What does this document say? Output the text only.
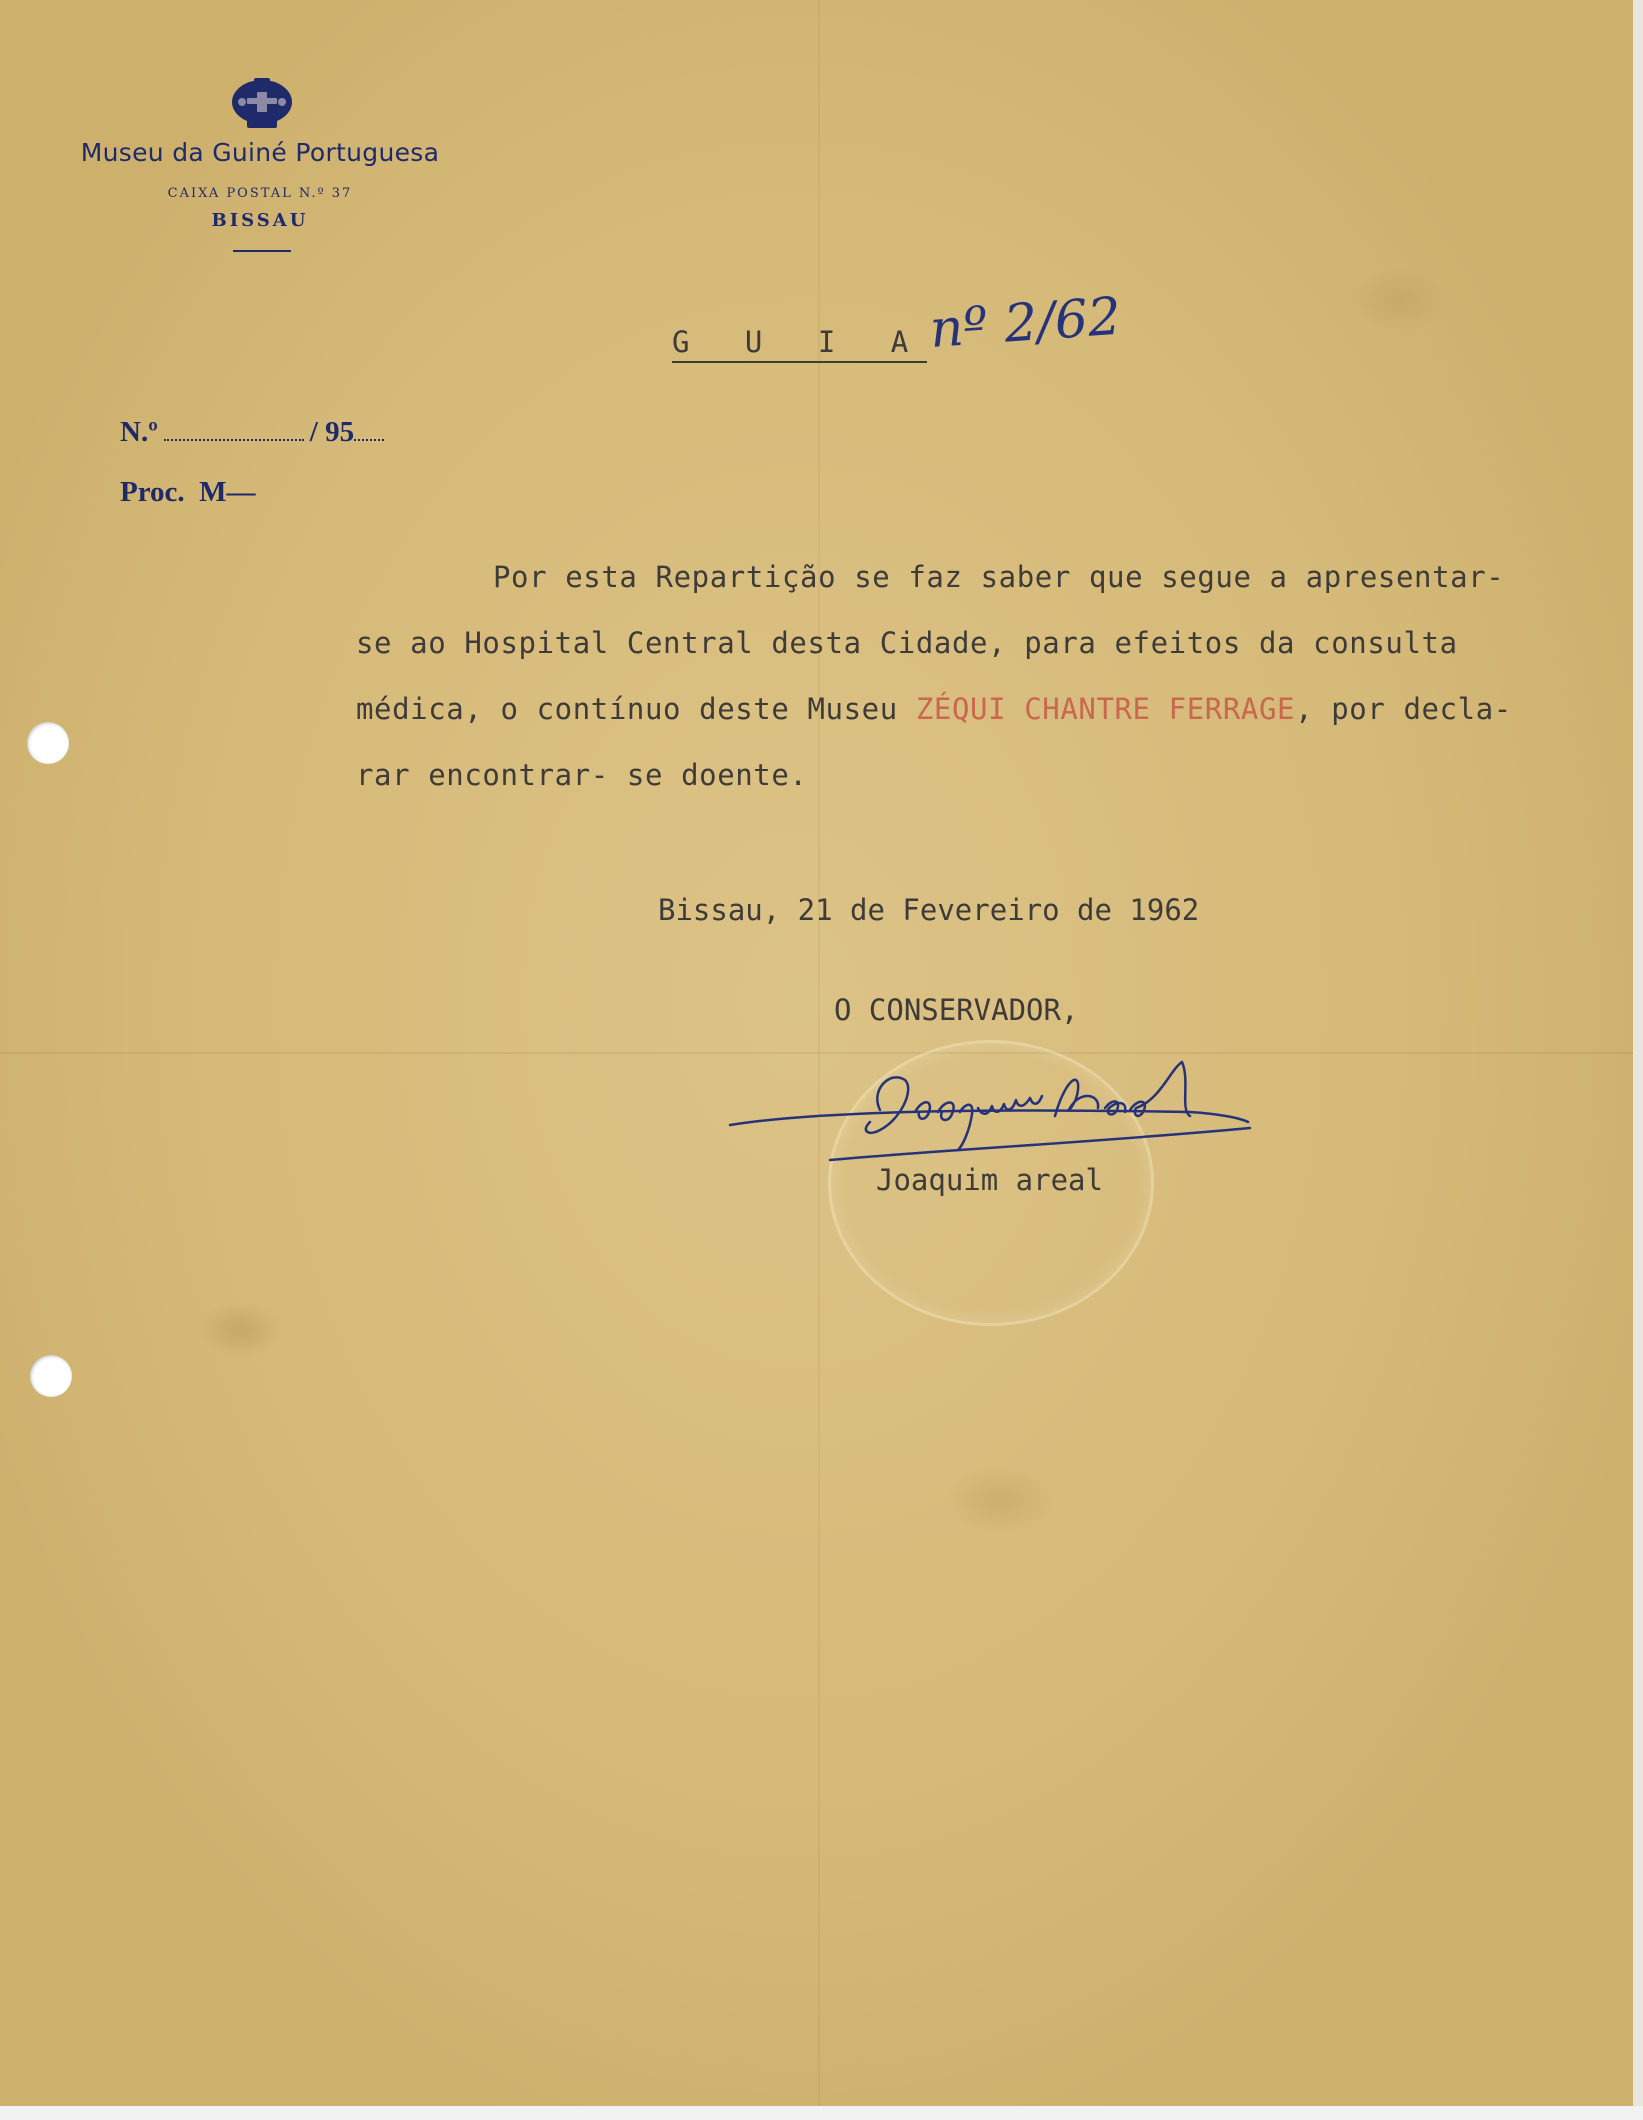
Museu da Guiné Portuguesa
CAIXA POSTAL N.º 37
BISSAU
G U I A nº 2/62
N.º	/ 95
Proc.  M—
Por esta Repartição se faz saber que segue a apresentar-
se ao Hospital Central desta Cidade, para efeitos da consulta
médica, o contínuo deste Museu ZÉQUI CHANTRE FERRAGE, por decla-
rar encontrar- se doente.
Bissau, 21 de Fevereiro de 1962
O CONSERVADOR,
Joaquim areal
